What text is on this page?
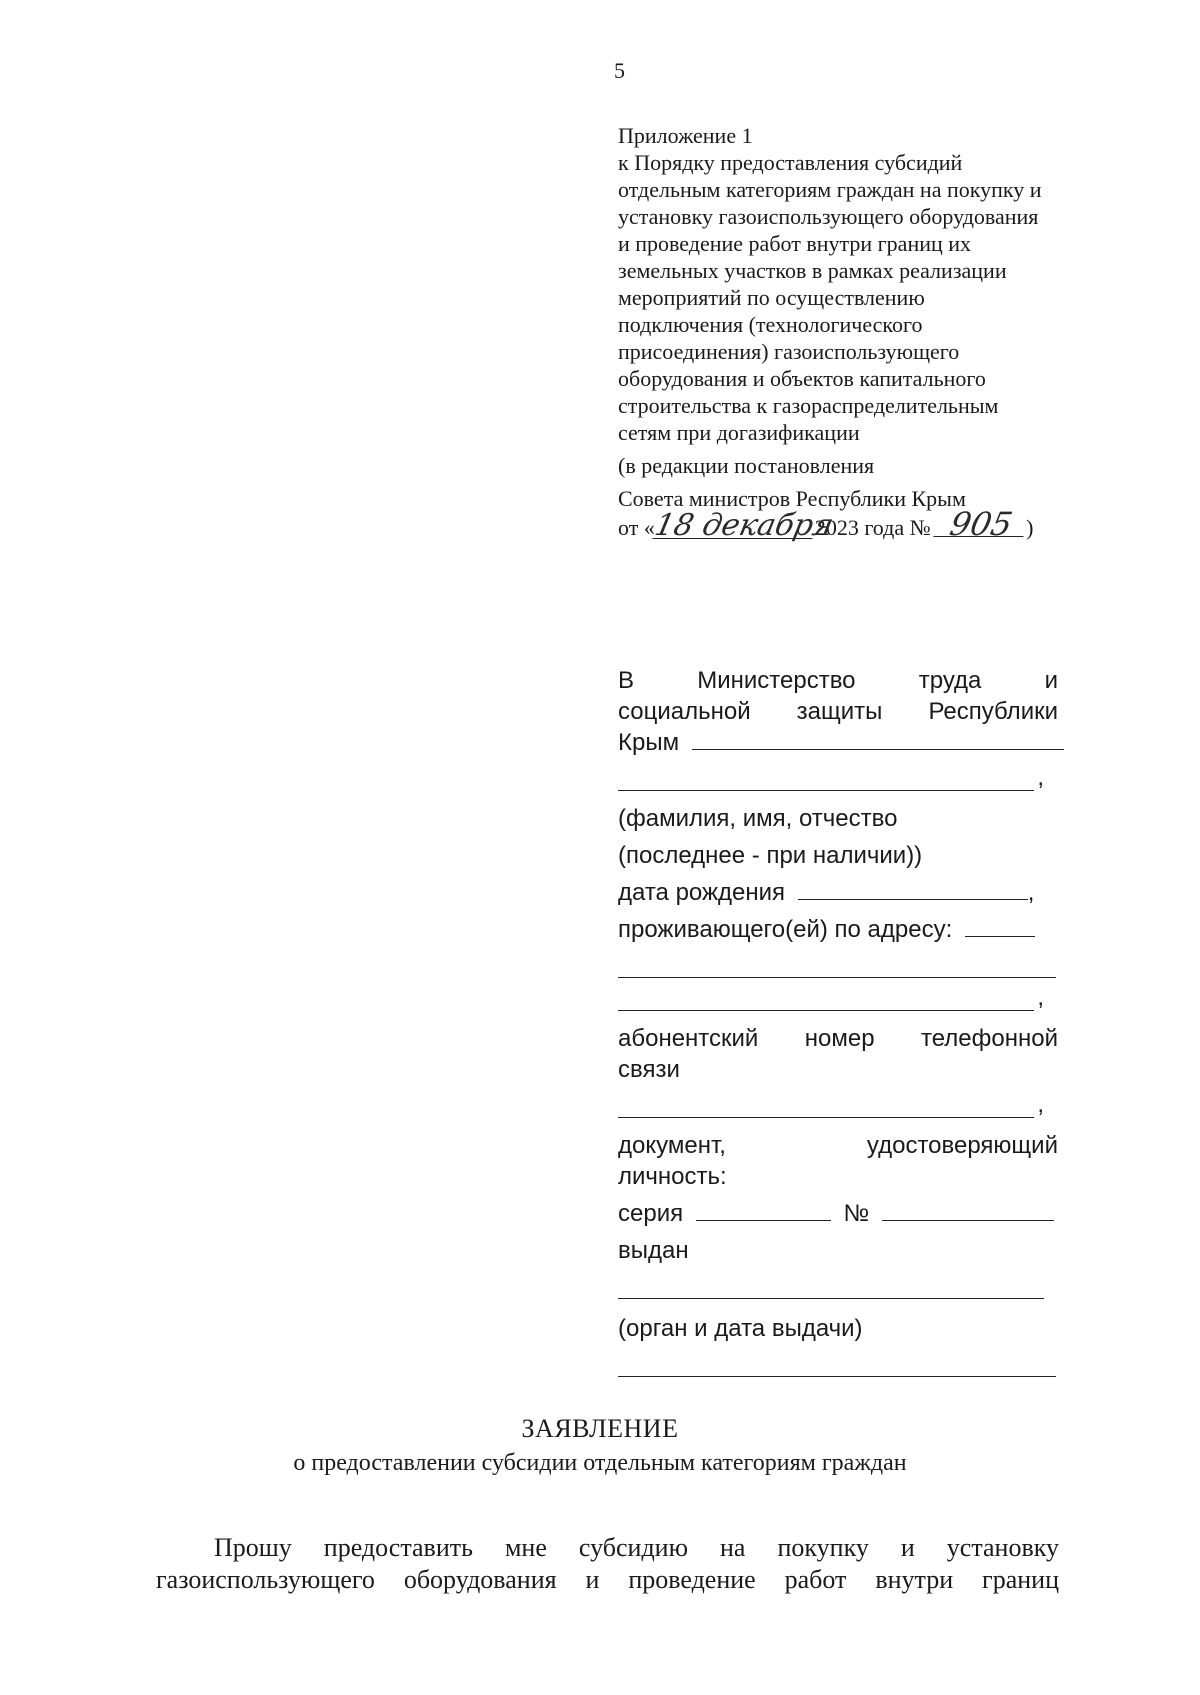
5
Приложение 1
к Порядку предоставления субсидий
отдельным категориям граждан на покупку и
установку газоиспользующего оборудования
и проведение работ внутри границ их
земельных участков в рамках реализации
мероприятий по осуществлению
подключения (технологического
присоединения) газоиспользующего
оборудования и объектов капитального
строительства к газораспределительным
сетям при догазификации
(в редакции постановления
Совета министров Республики Крым
от «18 декабря2023 года № 905 )
В Министерство труда и
социальной защиты Республики
Крым
,
(фамилия, имя, отчество
(последнее - при наличии))
дата рождения	,
проживающего(ей) по адресу:
,
абонентский номер телефонной
связи
,
документ, удостоверяющий
личность:
серия	№
выдан
(орган и дата выдачи)
ЗАЯВЛЕНИЕ
о предоставлении субсидии отдельным категориям граждан
Прошу предоставить мне субсидию на покупку и установку
газоиспользующего оборудования и проведение работ внутри границ
